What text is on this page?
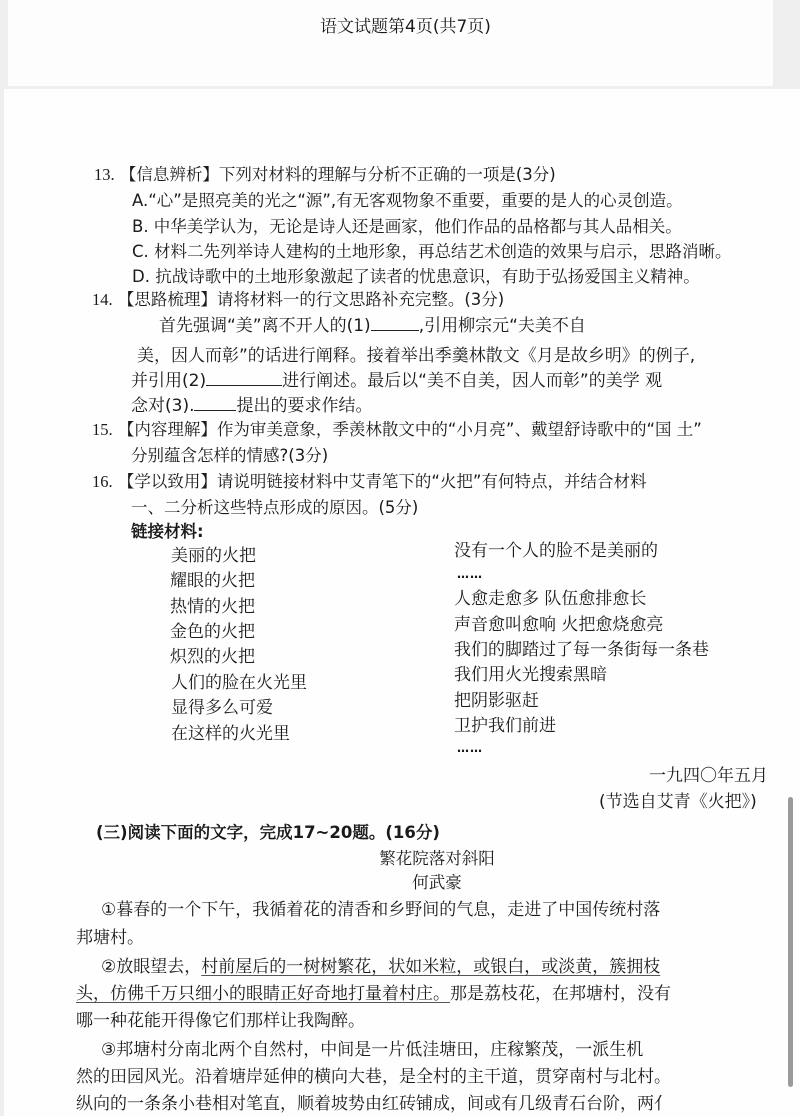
语文试题第4页(共7页)
13. 【信息辨析】下列对材料的理解与分析不正确的一项是(3分)
A.“心”是照亮美的光之“源”,有无客观物象不重要，重要的是人的心灵创造。
B. 中华美学认为，无论是诗人还是画家，他们作品的品格都与其人品相关。
C. 材料二先列举诗人建构的土地形象，再总结艺术创造的效果与启示，思路消晰。
D. 抗战诗歌中的土地形象激起了读者的忧患意识，有助于弘扬爱国主义精神。
14. 【思路梳理】请将材料一的行文思路补充完整。(3分)
首先强调“美”离不开人的(1)	,引用柳宗元“夫美不自
美，因人而彰”的话进行阐释。接着举出季羹林散文《月是故乡明》的例子,
并引用(2)	进行阐述。最后以“美不自美，因人而彰”的美学 观
念对(3). 提出的要求作结。
15. 【内容理解】作为审美意象，季羡林散文中的“小月亮”、戴望舒诗歌中的“国 土”
分别蕴含怎样的情感?(3分)
16. 【学以致用】请说明链接材料中艾青笔下的“火把”有何特点，并结合材料
一、二分析这些特点形成的原因。(5分)
链接材料:
美丽的火把
耀眼的火把
热情的火把
金色的火把
炽烈的火把
人们的脸在火光里
显得多么可爱
在这样的火光里
没有一个人的脸不是美丽的
……
人愈走愈多 队伍愈排愈长
声音愈叫愈响 火把愈烧愈亮
我们的脚踏过了每一条街每一条巷
我们用火光搜索黑暗
把阴影驱赶
卫护我们前进
……
一九四〇年五月
(节选自艾青《火把》)
(三)阅读下面的文字，完成17~20题。(16分)
繁花院落对斜阳
何武豪
①暮春的一个下午，我循着花的清香和乡野间的气息，走进了中国传统村落
邦塘村。
②放眼望去，村前屋后的一树树繁花，状如米粒，或银白，或淡黄，簇拥枝
头，仿佛千万只细小的眼睛正好奇地打量着村庄。那是荔枝花，在邦塘村，没有
哪一种花能开得像它们那样让我陶醉。
③邦塘村分南北两个自然村，中间是一片低洼塘田，庄稼繁茂，一派生机
然的田园风光。沿着塘岸延伸的横向大巷，是全村的主干道，贯穿南村与北村。
纵向的一条条小巷相对笔直，顺着坡势由红砖铺成，间或有几级青石台阶，两亻
